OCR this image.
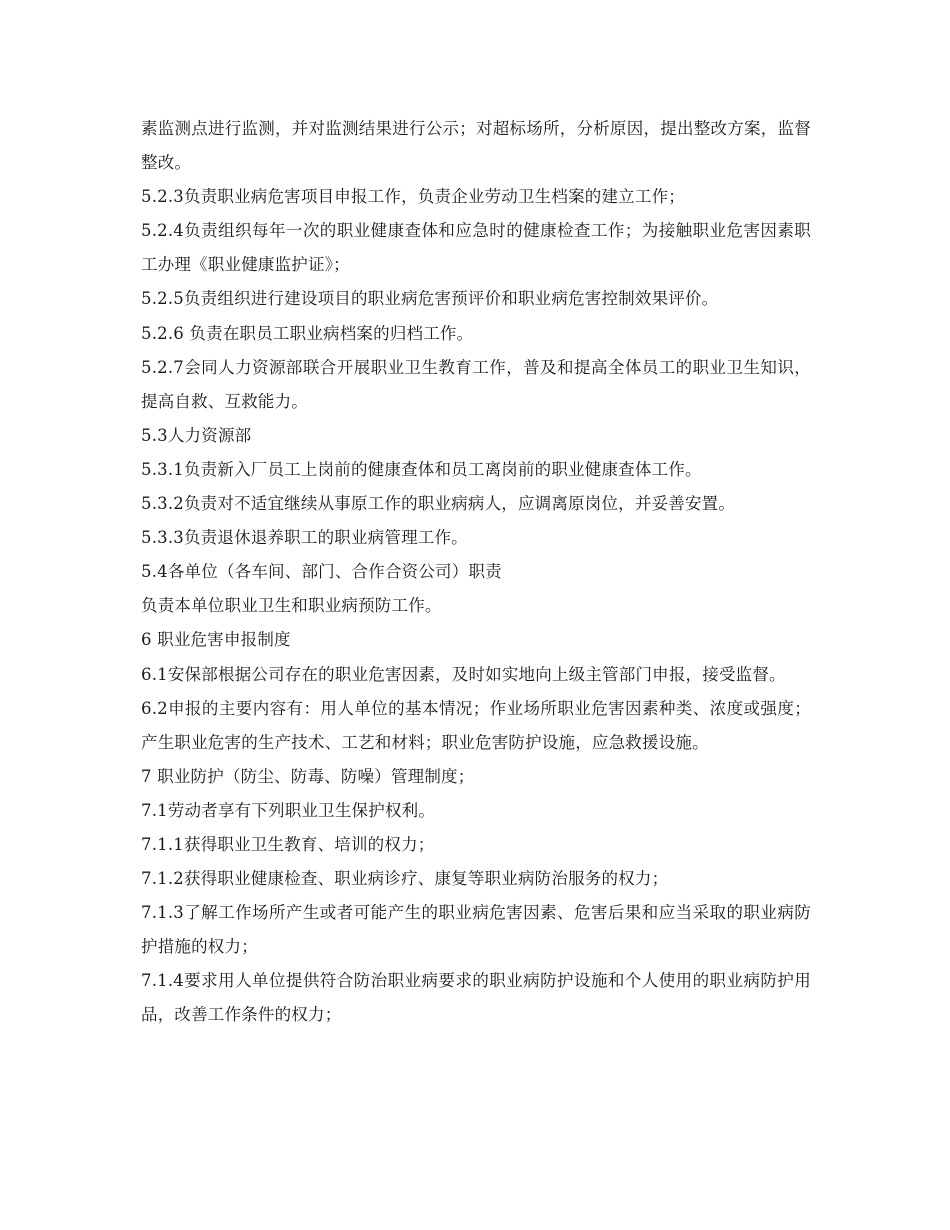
素监测点进行监测，并对监测结果进行公示；对超标场所，分析原因，提出整改方案，监督整改。

5.2.3负责职业病危害项目申报工作，负责企业劳动卫生档案的建立工作；

5.2.4负责组织每年一次的职业健康查体和应急时的健康检查工作；为接触职业危害因素职工办理《职业健康监护证》；

5.2.5负责组织进行建设项目的职业病危害预评价和职业病危害控制效果评价。

5.2.6 负责在职员工职业病档案的归档工作。

5.2.7会同人力资源部联合开展职业卫生教育工作，普及和提高全体员工的职业卫生知识，提高自救、互救能力。

5.3人力资源部

5.3.1负责新入厂员工上岗前的健康查体和员工离岗前的职业健康查体工作。

5.3.2负责对不适宜继续从事原工作的职业病病人，应调离原岗位，并妥善安置。

5.3.3负责退休退养职工的职业病管理工作。

5.4各单位（各车间、部门、合作合资公司）职责

负责本单位职业卫生和职业病预防工作。

6 职业危害申报制度

6.1安保部根据公司存在的职业危害因素，及时如实地向上级主管部门申报，接受监督。

6.2申报的主要内容有：用人单位的基本情况；作业场所职业危害因素种类、浓度或强度；产生职业危害的生产技术、工艺和材料；职业危害防护设施，应急救援设施。

7 职业防护（防尘、防毒、防噪）管理制度；

7.1劳动者享有下列职业卫生保护权利。

7.1.1获得职业卫生教育、培训的权力；

7.1.2获得职业健康检查、职业病诊疗、康复等职业病防治服务的权力；

7.1.3了解工作场所产生或者可能产生的职业病危害因素、危害后果和应当采取的职业病防护措施的权力；

7.1.4要求用人单位提供符合防治职业病要求的职业病防护设施和个人使用的职业病防护用品，改善工作条件的权力；
